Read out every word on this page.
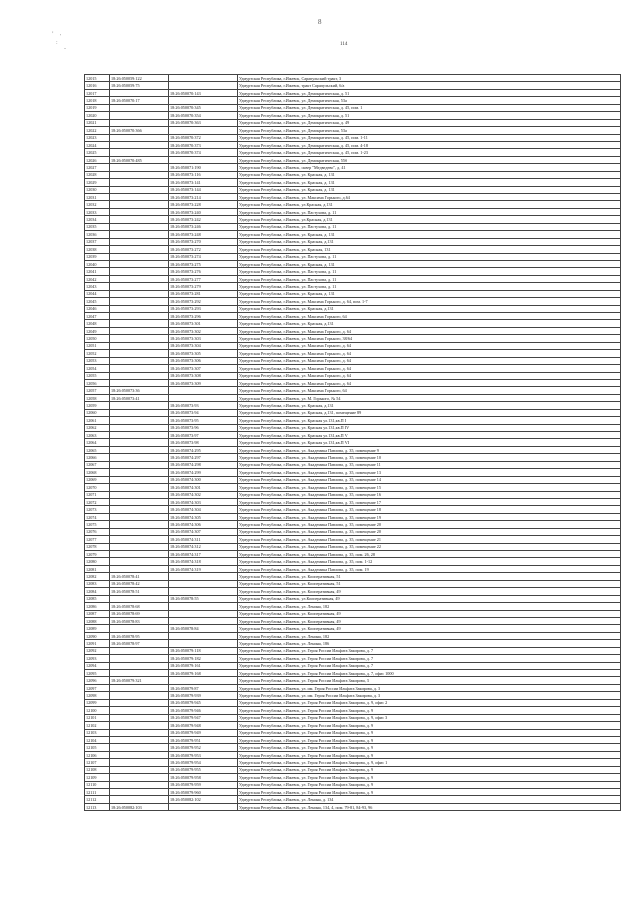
8
,
'
:
-
114
12015	18:26:050059:122		Удмуртская Республика, г.Ижевск, Сарапульский тракт, 3
12016	18:26:050059:75		Удмуртская Республика, г.Ижевск, тракт Сарапульский, 6/а
12017		18:26:050070:143	Удмуртская Республика, г.Ижевск, ул. Демократическая, д. 51
12018	18:26:050070:17		Удмуртская Республика, г.Ижевск, ул. Демократическая, 53а
12019		18:26:050070:345	Удмуртская Республика, г.Ижевск, ул. Демократическая, д. 45, пом. 1
12020		18:26:050070:354	Удмуртская Республика, г.Ижевск, ул. Демократическая, д. 51
12021		18:26:050070:363	Удмуртская Республика, г.Ижевск, ул. Демократическая, д. 49
12022	18:26:050070:366		Удмуртская Республика, г.Ижевск, ул. Демократическая, 53а
12023		18:26:050070:372	Удмуртская Республика, г.Ижевск, ул. Демократическая, д. 45, пом. 1-11
12024		18:26:050070:373	Удмуртская Республика, г.Ижевск, ул. Демократическая, д. 45, пом. 4-18
12025		18:26:050070:374	Удмуртская Республика, г.Ижевск, ул. Демократическая, д. 45, пом. 1-23
12026	18:26:050070:485		Удмуртская Республика, г.Ижевск, ул. Демократическая, 55б
12027		18:26:050071:190	Удмуртская Республика, г.Ижевск, сквер "Медведево", д. 41
12028		18:26:050073:116	Удмуртская Республика, г.Ижевск, ул. Красная, д. 131
12029		18:26:050073:141	Удмуртская Республика, г.Ижевск, ул. Красная, д. 131
12030		18:26:050073:144	Удмуртская Республика, г.Ижевск, ул. Красная, д. 131
12031		18:26:050073:214	Удмуртская Республика, г.Ижевск, ул. Максима Горького, д.64
12032		18:26:050073:228	Удмуртская Республика, г.Ижевск, ул.Красная, д.131
12033		18:26:050073:240	Удмуртская Республика, г.Ижевск, ул. Пастухова, д. 11
12034		18:26:050073:242	Удмуртская Республика, г.Ижевск, ул.Красная, д.131
12035		18:26:050073:246	Удмуртская Республика, г.Ижевск, ул. Пастухова, д. 11
12036		18:26:050073:248	Удмуртская Республика, г.Ижевск, ул. Красная, д. 131
12037		18:26:050073:270	Удмуртская Республика, г.Ижевск, ул. Красная, д.131
12038		18:26:050073:272	Удмуртская Республика, г.Ижевск, ул. Красная, 131
12039		18:26:050073:274	Удмуртская Республика, г.Ижевск, ул. Пастухова, д. 11
12040		18:26:050073:275	Удмуртская Республика, г.Ижевск, ул. Красная, д. 131
12041		18:26:050073:276	Удмуртская Республика, г.Ижевск, ул. Пастухова, д. 11
12042		18:26:050073:277	Удмуртская Республика, г.Ижевск, ул. Пастухова, д. 11
12043		18:26:050073:279	Удмуртская Республика, г.Ижевск, ул. Пастухова, д. 11
12044		18:26:050073:281	Удмуртская Республика, г.Ижевск, ул. Красная, д. 131
12045		18:26:050073:292	Удмуртская Республика, г.Ижевск, ул. Максима Горького, д. 64, пом. 1-7
12046		18:26:050073:293	Удмуртская Республика, г.Ижевск, ул. Красная, д.131
12047		18:26:050073:296	Удмуртская Республика, г.Ижевск, ул. Максима Горького, 64
12048		18:26:050073:301	Удмуртская Республика, г.Ижевск, ул. Красная, д.131
12049		18:26:050073:302	Удмуртская Республика, г.Ижевск, ул. Максима Горького, д. 64
12050		18:26:050073:303	Удмуртская Республика, г.Ижевск, ул. Максима Горького, 38/64
12051		18:26:050073:304	Удмуртская Республика, г.Ижевск, ул. Максима Горького, д. 64
12052		18:26:050073:305	Удмуртская Республика, г.Ижевск, ул. Максима Горького, д. 64
12053		18:26:050073:306	Удмуртская Республика, г.Ижевск, ул. Максима Горького, д. 64
12054		18:26:050073:307	Удмуртская Республика, г.Ижевск, ул. Максима Горького, д. 64
12055		18:26:050073:308	Удмуртская Республика, г.Ижевск, ул. Максима Горького, д. 64
12056		18:26:050073:309	Удмуртская Республика, г.Ижевск, ул. Максима Горького, д. 64
12057	18:26:050073:36		Удмуртская Республика, г.Ижевск, ул. Максима Горького, 64
12058	18:26:050073:41		Удмуртская Республика, г.Ижевск, ул. М. Горького, № 54
12059		18:26:050073:93	Удмуртская Республика, г.Ижевск, ул. Красная, д.131
12060		18:26:050073:94	Удмуртская Республика, г.Ижевск, ул. Красная, д.131, помещение 89
12061		18:26:050073:95	Удмуртская Республика, г.Ижевск, ул. Красная ул.131,кв.П I
12062		18:26:050073:96	Удмуртская Республика, г.Ижевск, ул. Красная ул.131,кв.П IV
12063		18:26:050073:97	Удмуртская Республика, г.Ижевск, ул. Красная ул.131,кв.П V
12064		18:26:050073:98	Удмуртская Республика, г.Ижевск, ул. Красная ул.131,кв.П VI
12065		18:26:050074:295	Удмуртская Республика, г.Ижевск, ул. Академика Павлова, д. 35, помещение 9
12066		18:26:050074:297	Удмуртская Республика, г.Ижевск, ул. Академика Павлова, д. 35, помещение 10
12067		18:26:050074:298	Удмуртская Республика, г.Ижевск, ул. Академика Павлова, д. 35, помещение 11
12068		18:26:050074:299	Удмуртская Республика, г.Ижевск, ул. Академика Павлова, д. 35, помещение 13
12069		18:26:050074:300	Удмуртская Республика, г.Ижевск, ул. Академика Павлова, д. 35, помещение 14
12070		18:26:050074:301	Удмуртская Республика, г.Ижевск, ул. Академика Павлова, д. 35, помещение 15
12071		18:26:050074:302	Удмуртская Республика, г.Ижевск, ул. Академика Павлова, д. 35, помещение 16
12072		18:26:050074:303	Удмуртская Республика, г.Ижевск, ул. Академика Павлова, д. 35, помещение 17
12073		18:26:050074:304	Удмуртская Республика, г.Ижевск, ул. Академика Павлова, д. 35, помещение 18
12074		18:26:050074:305	Удмуртская Республика, г.Ижевск, ул. Академика Павлова, д. 35, помещение 19
12075		18:26:050074:306	Удмуртская Республика, г.Ижевск, ул. Академика Павлова, д. 35, помещение 20
12076		18:26:050074:307	Удмуртская Республика, г.Ижевск, ул. Академика Павлова, д. 35, помещение 20
12077		18:26:050074:311	Удмуртская Республика, г.Ижевск, ул. Академика Павлова, д. 35, помещение 21
12078		18:26:050074:312	Удмуртская Республика, г.Ижевск, ул. Академика Павлова, д. 35, помещение 22
12079		18:26:050074:317	Удмуртская Республика, г.Ижевск, ул. Академика Павлова, д. 35, пом. 26, 28
12080		18:26:050074:318	Удмуртская Республика, г.Ижевск, ул. Академика Павлова, д. 35, пом. 1-12
12081		18:26:050074:319	Удмуртская Республика, г.Ижевск, ул. Академика Павлова, д. 35, пом. 19
12082	18:26:050078:41		Удмуртская Республика, г.Ижевск, ул. Кооперативная, 51
12083	18:26:050078:42		Удмуртская Республика, г.Ижевск, ул. Кооперативная, 51
12084	18:26:050078:51		Удмуртская Республика, г.Ижевск, ул. Кооперативная, 49
12085		18:26:050078:55	Удмуртская Республика, г.Ижевск, ул.Кооперативная, 49
12086	18:26:050078:68		Удмуртская Республика, г.Ижевск, ул. Ленина, 182
12087	18:26:050078:69		Удмуртская Республика, г.Ижевск, ул. Кооперативная, 49
12088	18:26:050078:83		Удмуртская Республика, г.Ижевск, ул. Кооперативная, 49
12089		18:26:050078:84	Удмуртская Республика, г.Ижевск, ул. Кооперативная, 49
12090	18:26:050078:95		Удмуртская Республика, г.Ижевск, ул. Ленина, 182
12091	18:26:050078:97		Удмуртская Республика, г.Ижевск, ул. Ленина, 186
12092		18:26:050079:118	Удмуртская Республика, г.Ижевск, ул. Героя России Ильфата Закирова, д. 7
12093		18:26:050079:182	Удмуртская Республика, г.Ижевск, ул. Героя России Ильфата Закирова, д. 7
12094		18:26:050079:161	Удмуртская Республика, г.Ижевск, ул. Героя России Ильфата Закирова, д. 7
12095		18:26:050079:168	Удмуртская Республика, г.Ижевск, ул. Героя России Ильфата Закирова, д. 7, офис 1000
12096	18:26:050079:321		Удмуртская Республика, г.Ижевск, ул. Героя России Ильфата Закирова, 3
12097		18:26:050079:87	Удмуртская Республика, г.Ижевск, ул. им. Героя России Ильфата Закирова, д. 3
12098		18:26:050079:939	Удмуртская Республика, г.Ижевск, ул. им. Героя России Ильфата Закирова, д. 3
12099		18:26:050079:945	Удмуртская Республика, г.Ижевск, ул. Героя России Ильфата Закирова, д. 9, офис 2
12100		18:26:050079:946	Удмуртская Республика, г.Ижевск, ул. Героя России Ильфата Закирова, д. 9
12101		18:26:050079:947	Удмуртская Республика, г.Ижевск, ул. Героя России Ильфата Закирова, д. 9, офис 3
12102		18:26:050079:948	Удмуртская Республика, г.Ижевск, ул. Героя России Ильфата Закирова, д. 9
12103		18:26:050079:949	Удмуртская Республика, г.Ижевск, ул. Героя России Ильфата Закирова, д. 9
12104		18:26:050079:951	Удмуртская Республика, г.Ижевск, ул. Героя России Ильфата Закирова, д. 9
12105		18:26:050079:952	Удмуртская Республика, г.Ижевск, ул. Героя России Ильфата Закирова, д. 9
12106		18:26:050079:953	Удмуртская Республика, г.Ижевск, ул. Героя России Ильфата Закирова, д. 9
12107		18:26:050079:954	Удмуртская Республика, г.Ижевск, ул. Героя России Ильфата Закирова, д. 9, офис 1
12108		18:26:050079:955	Удмуртская Республика, г.Ижевск, ул. Героя России Ильфата Закирова, д. 9
12109		18:26:050079:958	Удмуртская Республика, г.Ижевск, ул. Героя России Ильфата Закирова, д. 9
12110		18:26:050079:959	Удмуртская Республика, г.Ижевск, ул. Героя России Ильфата Закирова, д. 9
12111		18:26:050079:960	Удмуртская Республика, г.Ижевск, ул. Героя России Ильфата Закирова, д. 9
12112		18:26:050082:102	Удмуртская Республика, г.Ижевск, ул. Ленина, д. 134
12113	18:26:050082:103		Удмуртская Республика, г.Ижевск, ул. Ленина, 134, 4, пом. 79-81, 84-93, 96
